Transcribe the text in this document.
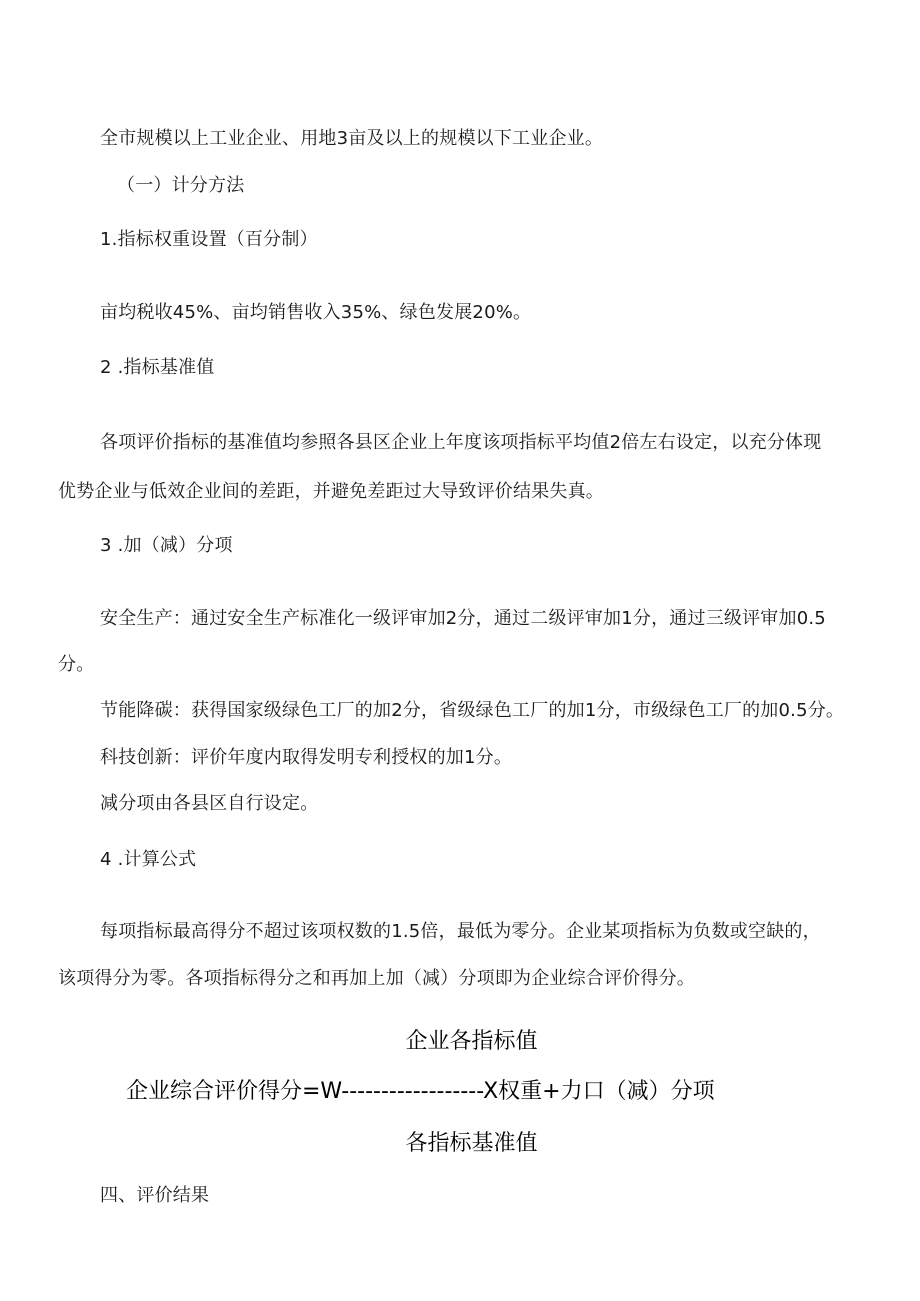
全市规模以上工业企业、用地3亩及以上的规模以下工业企业。
（一）计分方法
1.指标权重设置（百分制）
亩均税收45%、亩均销售收入35%、绿色发展20%。
2 .指标基准值
各项评价指标的基准值均参照各县区企业上年度该项指标平均值2倍左右设定，以充分体现
优势企业与低效企业间的差距，并避免差距过大导致评价结果失真。
3 .加（减）分项
安全生产：通过安全生产标准化一级评审加2分，通过二级评审加1分，通过三级评审加0.5
分。
节能降碳：获得国家级绿色工厂的加2分，省级绿色工厂的加1分，市级绿色工厂的加0.5分。
科技创新：评价年度内取得发明专利授权的加1分。
减分项由各县区自行设定。
4 .计算公式
每项指标最高得分不超过该项权数的1.5倍，最低为零分。企业某项指标为负数或空缺的，
该项得分为零。各项指标得分之和再加上加（减）分项即为企业综合评价得分。
企业各指标值
企业综合评价得分=W------------------X权重+力口（减）分项
各指标基准值
四、评价结果
